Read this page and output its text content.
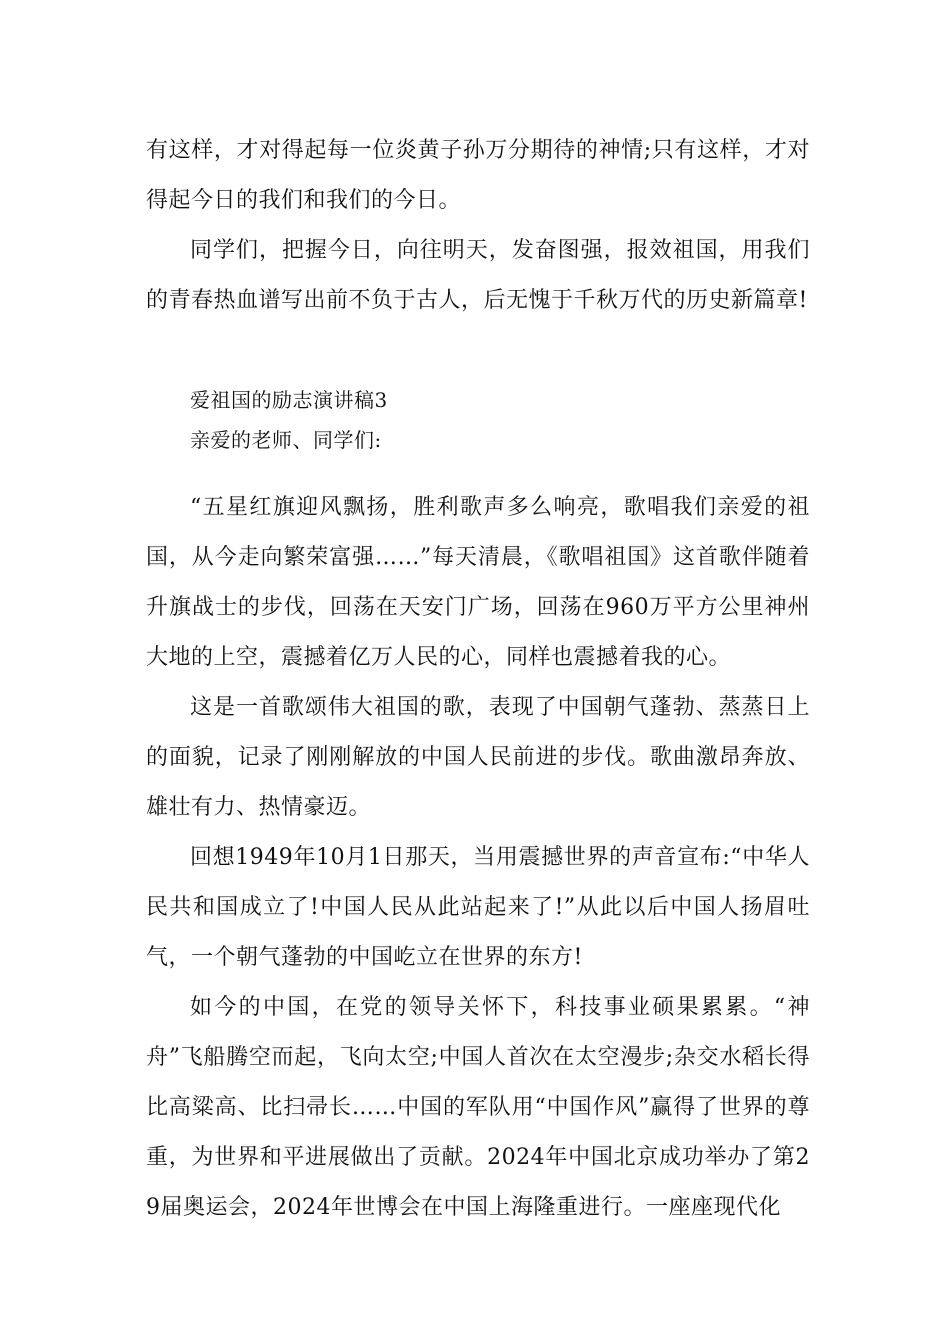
有这样，才对得起每一位炎黄子孙万分期待的神情;只有这样，才对得起今日的我们和我们的今日。

同学们，把握今日，向往明天，发奋图强，报效祖国，用我们的青春热血谱写出前不负于古人，后无愧于千秋万代的历史新篇章!

爱祖国的励志演讲稿3

亲爱的老师、同学们:

“五星红旗迎风飘扬，胜利歌声多么响亮，歌唱我们亲爱的祖国，从今走向繁荣富强……”每天清晨，《歌唱祖国》这首歌伴随着升旗战士的步伐，回荡在天安门广场，回荡在960万平方公里神州大地的上空，震撼着亿万人民的心，同样也震撼着我的心。

这是一首歌颂伟大祖国的歌，表现了中国朝气蓬勃、蒸蒸日上的面貌，记录了刚刚解放的中国人民前进的步伐。歌曲激昂奔放、雄壮有力、热情豪迈。

回想1949年10月1日那天，当用震撼世界的声音宣布:“中华人民共和国成立了!中国人民从此站起来了!”从此以后中国人扬眉吐气，一个朝气蓬勃的中国屹立在世界的东方!

如今的中国，在党的领导关怀下，科技事业硕果累累。“神舟”飞船腾空而起，飞向太空;中国人首次在太空漫步;杂交水稻长得比高粱高、比扫帚长……中国的军队用“中国作风”赢得了世界的尊重，为世界和平进展做出了贡献。2024年中国北京成功举办了第29届奥运会，2024年世博会在中国上海隆重进行。一座座现代化
